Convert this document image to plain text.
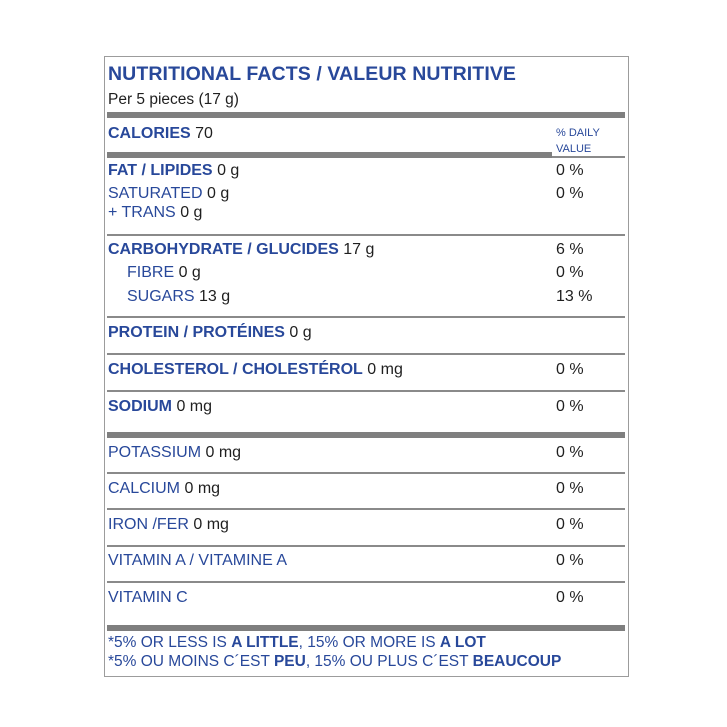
NUTRITIONAL FACTS / VALEUR NUTRITIVE
Per 5 pieces (17 g)
CALORIES 70	% DAILY
VALUE
FAT / LIPIDES 0 g	0 %
SATURATED 0 g	0 %
+ TRANS 0 g
CARBOHYDRATE / GLUCIDES 17 g	6 %
FIBRE 0 g	0 %
SUGARS 13 g	13 %
PROTEIN / PROTÉINES 0 g
CHOLESTEROL / CHOLESTÉROL 0 mg	0 %
SODIUM 0 mg	0 %
POTASSIUM 0 mg	0 %
CALCIUM 0 mg	0 %
IRON /FER 0 mg	0 %
VITAMIN A / VITAMINE A	0 %
VITAMIN C	0 %
*5% OR LESS IS A LITTLE, 15% OR MORE IS A LOT
*5% OU MOINS C´EST PEU, 15% OU PLUS C´EST BEAUCOUP
